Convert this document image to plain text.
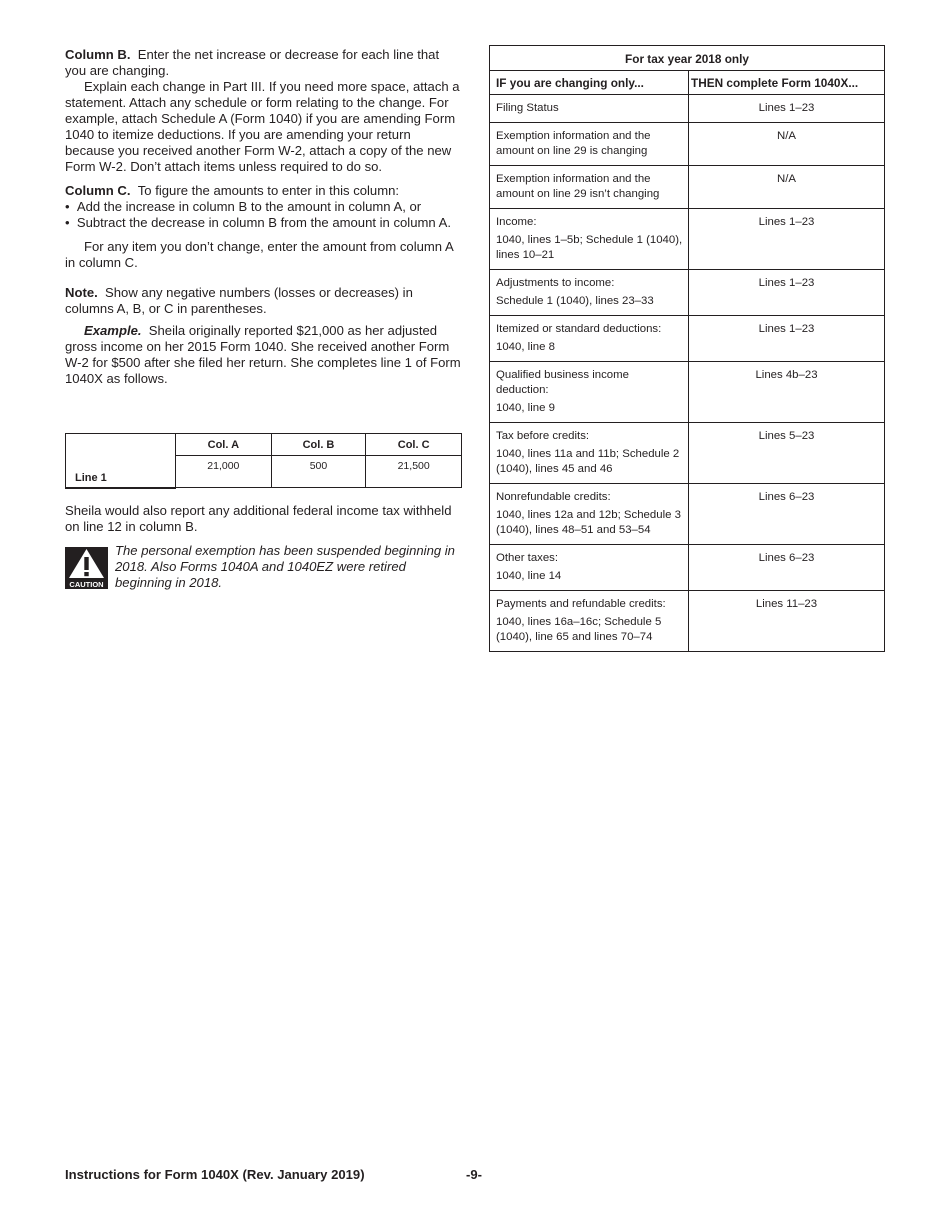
Column B. Enter the net increase or decrease for each line that you are changing.

Explain each change in Part III. If you need more space, attach a statement. Attach any schedule or form relating to the change. For example, attach Schedule A (Form 1040) if you are amending Form 1040 to itemize deductions. If you are amending your return because you received another Form W-2, attach a copy of the new Form W-2. Don’t attach items unless required to do so.

Column C. To figure the amounts to enter in this column:

•  Add the increase in column B to the amount in column A, or

•  Subtract the decrease in column B from the amount in column A.

For any item you don’t change, enter the amount from column A in column C.

Note. Show any negative numbers (losses or decreases) in columns A, B, or C in parentheses.

Example. Sheila originally reported $21,000 as her adjusted gross income on her 2015 Form 1040. She received another Form W-2 for $500 after she filed her return. She completes line 1 of Form 1040X as follows.

Line 1	Col. A	Col. B	Col. C
	21,000	500	21,500

Sheila would also report any additional federal income tax withheld on line 12 in column B.

CAUTION
The personal exemption has been suspended beginning in 2018. Also Forms 1040A and 1040EZ were retired beginning in 2018.
For tax year 2018 only	
IF you are changing only...	THEN complete Form 1040X...
Filing Status	Lines 1–23
Exemption information and the amount on line 29 is changing	N/A
Exemption information and the amount on line 29 isn’t changing	N/A
Income:
1040, lines 1–5b; Schedule 1 (1040), lines 10–21	Lines 1–23
Adjustments to income:
Schedule 1 (1040), lines 23–33	Lines 1–23
Itemized or standard deductions:
1040, line 8	Lines 1–23
Qualified business income deduction:
1040, line 9	Lines 4b–23
Tax before credits:
1040, lines 11a and 11b; Schedule 2 (1040), lines 45 and 46	Lines 5–23
Nonrefundable credits:
1040, lines 12a and 12b; Schedule 3 (1040), lines 48–51 and 53–54	Lines 6–23
Other taxes:
1040, line 14	Lines 6–23
Payments and refundable credits:
1040, lines 16a–16c; Schedule 5 (1040), line 65 and lines 70–74	Lines 11–23
Instructions for Form 1040X (Rev. January 2019)	-9-
